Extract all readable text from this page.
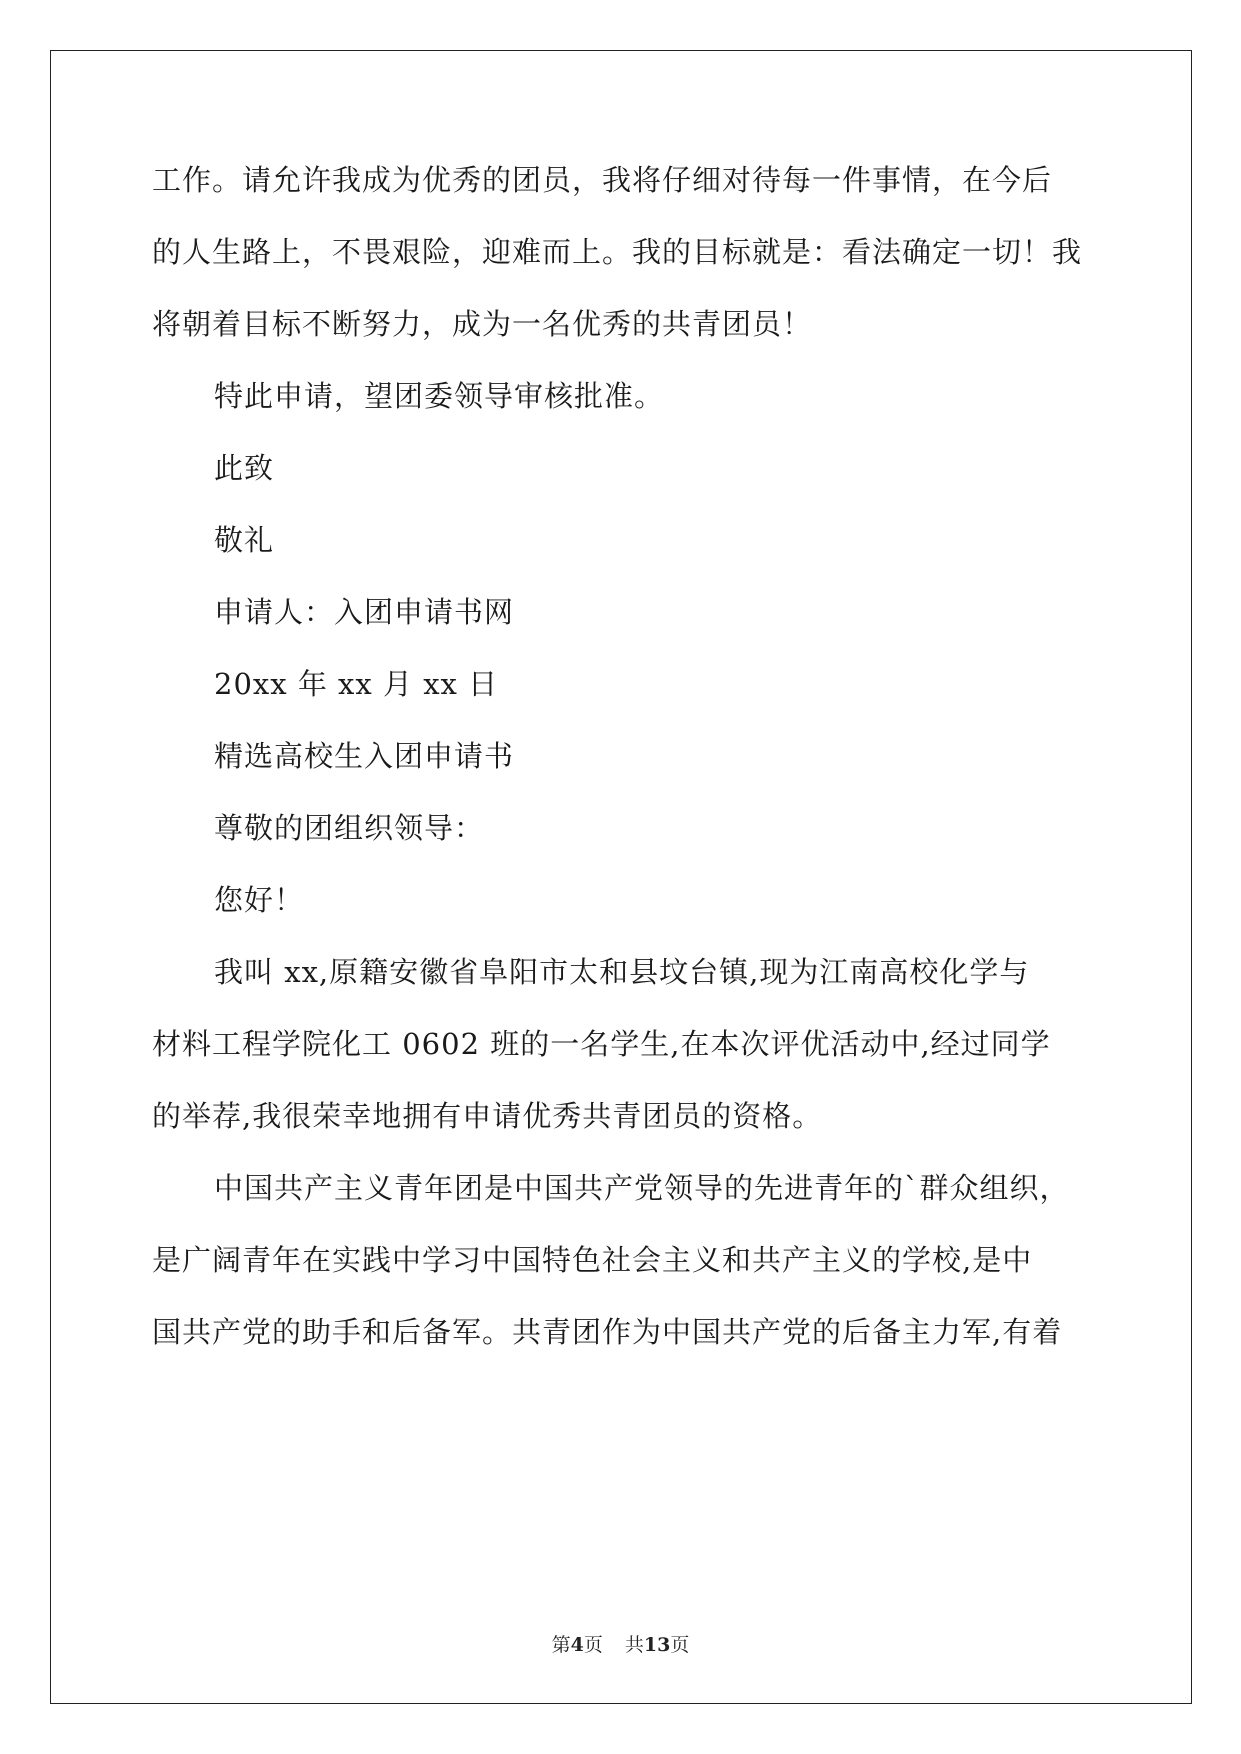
工作。请允许我成为优秀的团员，我将仔细对待每一件事情，在今后
的人生路上，不畏艰险，迎难而上。我的目标就是：看法确定一切！我
将朝着目标不断努力，成为一名优秀的共青团员！
特此申请，望团委领导审核批准。
此致
敬礼
申请人：入团申请书网
20xx 年 xx 月 xx 日
精选高校生入团申请书
尊敬的团组织领导：
您好！
我叫 xx,原籍安徽省阜阳市太和县坟台镇,现为江南高校化学与
材料工程学院化工 0602 班的一名学生,在本次评优活动中,经过同学
的举荐,我很荣幸地拥有申请优秀共青团员的资格。
中国共产主义青年团是中国共产党领导的先进青年的`群众组织，
是广阔青年在实践中学习中国特色社会主义和共产主义的学校,是中
国共产党的助手和后备军。共青团作为中国共产党的后备主力军,有着
第4页 共13页
